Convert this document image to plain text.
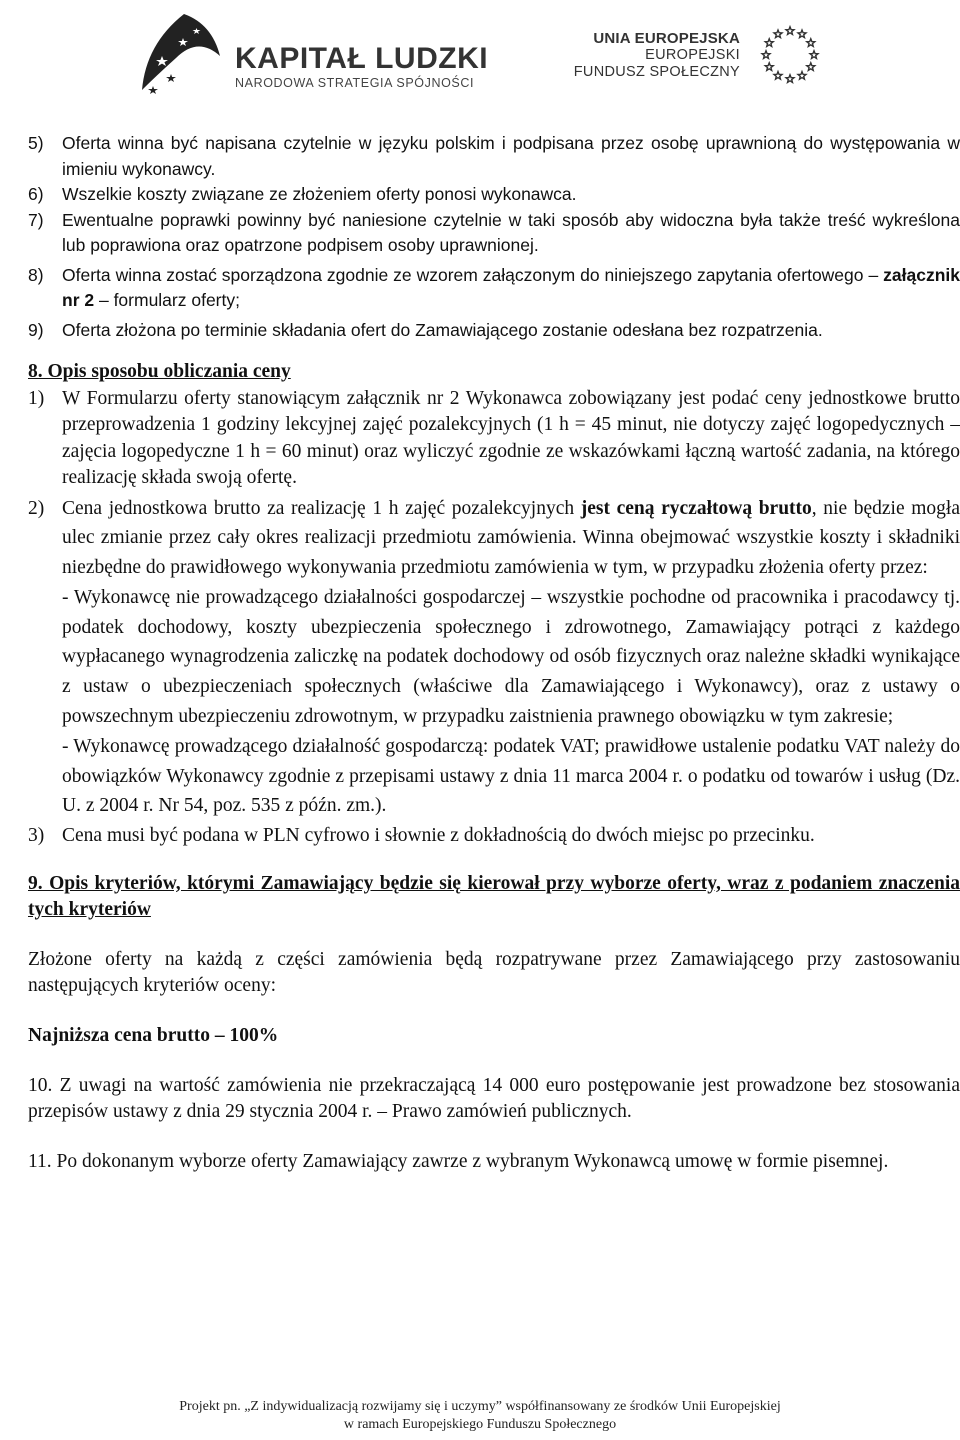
KAPITAŁ LUDZKI
NARODOWA STRATEGIA SPÓJNOŚCI
UNIA EUROPEJSKA
EUROPEJSKI
FUNDUSZ SPOŁECZNY
5)	Oferta winna być napisana czytelnie w języku polskim i podpisana przez osobę uprawnioną do występowania w imieniu wykonawcy.
6)	Wszelkie koszty związane ze złożeniem oferty ponosi wykonawca.
7)	Ewentualne poprawki powinny być naniesione czytelnie w taki sposób aby widoczna była także treść wykreślona lub poprawiona oraz opatrzone podpisem osoby uprawnionej.
8)	Oferta winna zostać sporządzona zgodnie ze wzorem załączonym do niniejszego zapytania ofertowego – załącznik nr 2 – formularz oferty;
9)	Oferta złożona po terminie składania ofert do Zamawiającego zostanie odesłana bez rozpatrzenia.

8. Opis sposobu obliczania ceny

1) W Formularzu oferty stanowiącym załącznik nr 2 Wykonawca zobowiązany jest podać ceny jednostkowe brutto przeprowadzenia 1 godziny lekcyjnej zajęć pozalekcyjnych (1 h = 45 minut, nie dotyczy zajęć logopedycznych – zajęcia logopedyczne 1 h = 60 minut) oraz wyliczyć zgodnie ze wskazówkami łączną wartość zadania, na którego realizację składa swoją ofertę.
2) Cena jednostkowa brutto za realizację 1 h zajęć pozalekcyjnych jest ceną ryczałtową brutto, nie będzie mogła ulec zmianie przez cały okres realizacji przedmiotu zamówienia. Winna obejmować wszystkie koszty i składniki niezbędne do prawidłowego wykonywania przedmiotu zamówienia w tym, w przypadku złożenia oferty przez:
- Wykonawcę nie prowadzącego działalności gospodarczej – wszystkie pochodne od pracownika i pracodawcy tj. podatek dochodowy, koszty ubezpieczenia społecznego i zdrowotnego, Zamawiający potrąci z każdego wypłacanego wynagrodzenia zaliczkę na podatek dochodowy od osób fizycznych oraz należne składki wynikające z ustaw o ubezpieczeniach społecznych (właściwe dla Zamawiającego i Wykonawcy), oraz z ustawy o powszechnym ubezpieczeniu zdrowotnym, w przypadku zaistnienia prawnego obowiązku w tym zakresie;
- Wykonawcę prowadzącego działalność gospodarczą: podatek VAT; prawidłowe ustalenie podatku VAT należy do obowiązków Wykonawcy zgodnie z przepisami ustawy z dnia 11 marca 2004 r. o podatku od towarów i usług (Dz. U. z 2004 r. Nr 54, poz. 535 z późn. zm.).
3) Cena musi być podana w PLN cyfrowo i słownie z dokładnością do dwóch miejsc po przecinku.

9. Opis kryteriów, którymi Zamawiający będzie się kierował przy wyborze oferty, wraz z podaniem znaczenia tych kryteriów

Złożone oferty na każdą z części zamówienia będą rozpatrywane przez Zamawiającego przy zastosowaniu następujących kryteriów oceny:

Najniższa cena brutto – 100%

10. Z uwagi na wartość zamówienia nie przekraczającą 14 000 euro postępowanie jest prowadzone bez stosowania przepisów ustawy z dnia 29 stycznia 2004 r. – Prawo zamówień publicznych.

11. Po dokonanym wyborze oferty Zamawiający zawrze z wybranym Wykonawcą umowę w formie pisemnej.

Projekt pn. „Z indywidualizacją rozwijamy się i uczymy” współfinansowany ze środków Unii Europejskiej
w ramach Europejskiego Funduszu Społecznego
